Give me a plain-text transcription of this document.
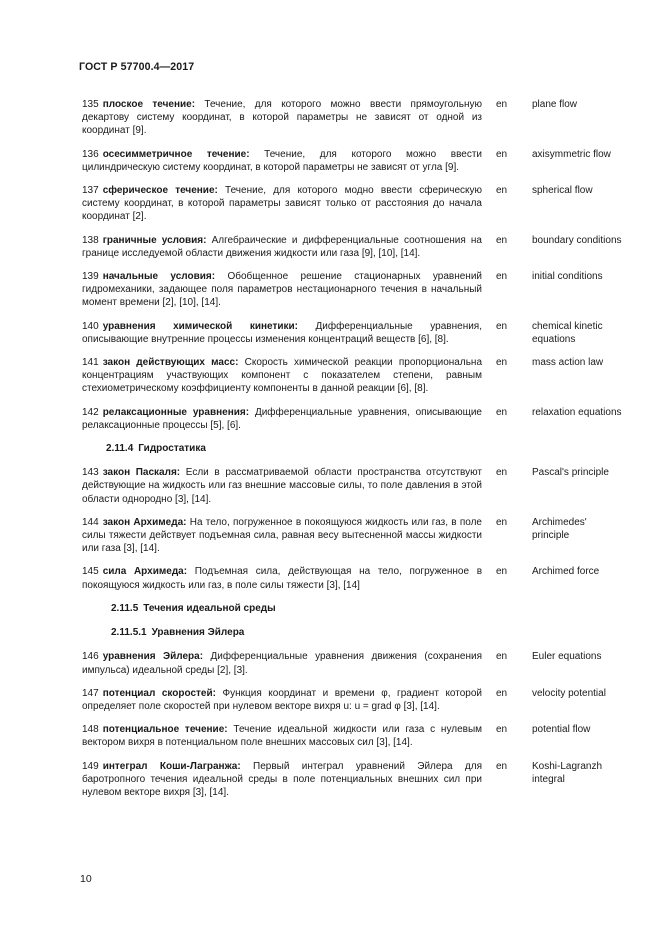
ГОСТ Р 57700.4—2017
135 плоское течение: Течение, для которого можно ввести прямоугольную декартову систему координат, в которой параметры не зависят от одной из координат [9].
en	plane flow
136 осесимметричное течение: Течение, для которого можно ввести цилиндрическую систему координат, в которой параметры не зависят от угла [9].
en	axisymmetric flow
137 сферическое течение: Течение, для которого модно ввести сферическую систему координат, в которой параметры зависят только от расстояния до начала координат [2].
en	spherical flow
138 граничные условия: Алгебраические и дифференциальные соотношения на границе исследуемой области движения жидкости или газа [9], [10], [14].
en	boundary conditions
139 начальные условия: Обобщенное решение стационарных уравнений гидромеханики, задающее поля параметров нестационарного течения в начальный момент времени [2], [10], [14].
en	initial conditions
140 уравнения химической кинетики: Дифференциальные уравнения, описывающие внутренние процессы изменения концентраций веществ [6], [8].
en	chemical kinetic equations
141 закон действующих масс: Скорость химической реакции пропорциональна концентрациям участвующих компонент с показателем степени, равным стехиометрическому коэффициенту компоненты в данной реакции [6], [8].
en	mass action law
142 релаксационные уравнения: Дифференциальные уравнения, описывающие релаксационные процессы [5], [6].
en	relaxation equations
2.11.4 Гидростатика
143 закон Паскаля: Если в рассматриваемой области пространства отсутствуют действующие на жидкость или газ внешние массовые силы, то поле давления в этой области однородно [3], [14].
en	Pascal's principle
144 закон Архимеда: На тело, погруженное в покоящуюся жидкость или газ, в поле силы тяжести действует подъемная сила, равная весу вытесненной массы жидкости или газа [3], [14].
en	Archimedes' principle
145 сила Архимеда: Подъемная сила, действующая на тело, погруженное в покоящуюся жидкость или газ, в поле силы тяжести [3], [14]
en	Archimed force
2.11.5 Течения идеальной среды
2.11.5.1 Уравнения Эйлера
146 уравнения Эйлера: Дифференциальные уравнения движения (сохранения импульса) идеальной среды [2], [3].
en	Euler equations
147 потенциал скоростей: Функция координат и времени φ, градиент которой определяет поле скоростей при нулевом векторе вихря u: u = grad φ [3], [14].
en	velocity potential
148 потенциальное течение: Течение идеальной жидкости или газа с нулевым вектором вихря в потенциальном поле внешних массовых сил [3], [14].
en	potential flow
149 интеграл Коши-Лагранжа: Первый интеграл уравнений Эйлера для баротропного течения идеальной среды в поле потенциальных внешних сил при нулевом векторе вихря [3], [14].
en	Koshi-Lagranzh integral
10
